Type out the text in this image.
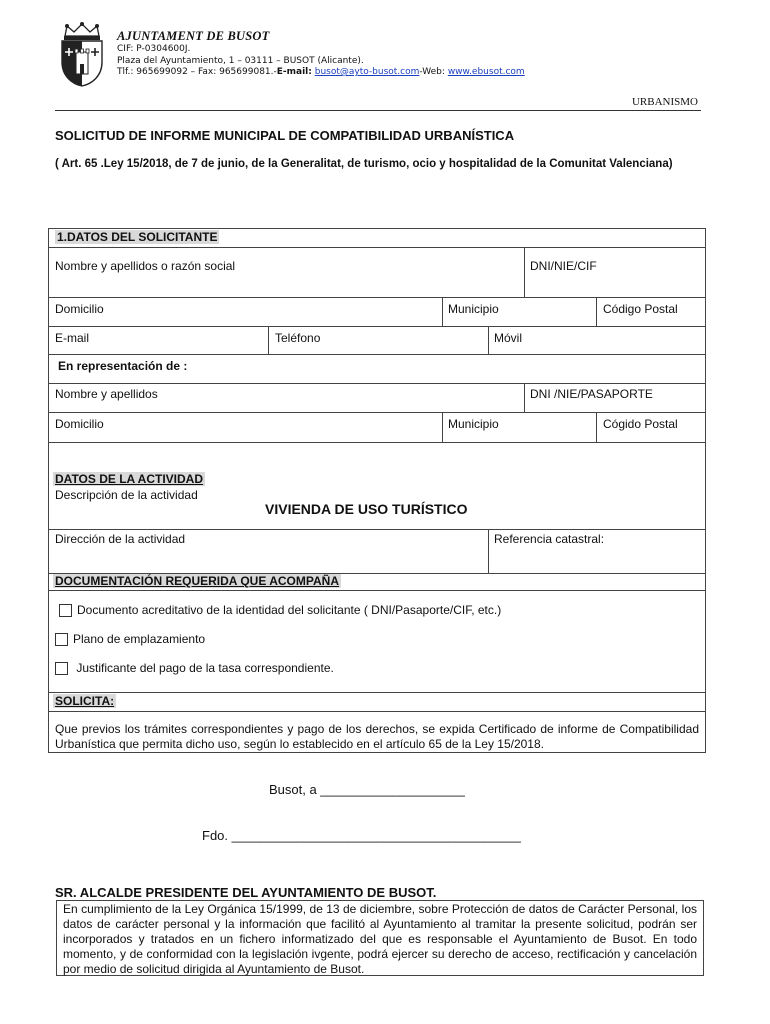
AJUNTAMENT DE BUSOT
CIF: P-0304600J.
Plaza del Ayuntamiento, 1 – 03111 – BUSOT (Alicante).
Tlf.: 965699092 – Fax: 965699081.-E-mail: busot@ayto-busot.com-Web: www.ebusot.com
URBANISMO
SOLICITUD DE INFORME MUNICIPAL DE COMPATIBILIDAD URBANÍSTICA
( Art. 65 .Ley 15/2018, de 7 de junio, de la Generalitat, de turismo, ocio y hospitalidad de la Comunitat Valenciana)
1.DATOS DEL SOLICITANTE
Nombre y apellidos o razón social	DNI/NIE/CIF
Domicilio	Municipio	Código Postal
E-mail	Teléfono	Móvil
En representación de :
Nombre y apellidos	DNI /NIE/PASAPORTE
Domicilio	Municipio	Cógido Postal
DATOS DE LA ACTIVIDAD
Descripción de la actividad
VIVIENDA DE USO TURÍSTICO
Dirección de la actividad	Referencia catastral:
DOCUMENTACIÓN REQUERIDA QUE ACOMPAÑA
Documento acreditativo de la identidad del solicitante ( DNI/Pasaporte/CIF, etc.)
Plano de emplazamiento
Justificante del pago de la tasa correspondiente.
SOLICITA:
Que previos los trámites correspondientes y pago de los derechos, se expida Certificado de informe de Compatibilidad Urbanística que permita dicho uso, según lo establecido en el artículo 65 de la Ley 15/2018.
Busot, a ____________________
Fdo. ________________________________________
SR. ALCALDE PRESIDENTE DEL AYUNTAMIENTO DE BUSOT.
En cumplimiento de la Ley Orgánica 15/1999, de 13 de diciembre, sobre Protección de datos de Carácter Personal, los datos de carácter personal y la información que facilitó al Ayuntamiento al tramitar la presente solicitud, podrán ser incorporados y tratados en un fichero informatizado del que es responsable el Ayuntamiento de Busot. En todo momento, y de conformidad con la legislación ivgente, podrá ejercer su derecho de acceso, rectificación y cancelación por medio de solicitud dirigida al Ayuntamiento de Busot.
